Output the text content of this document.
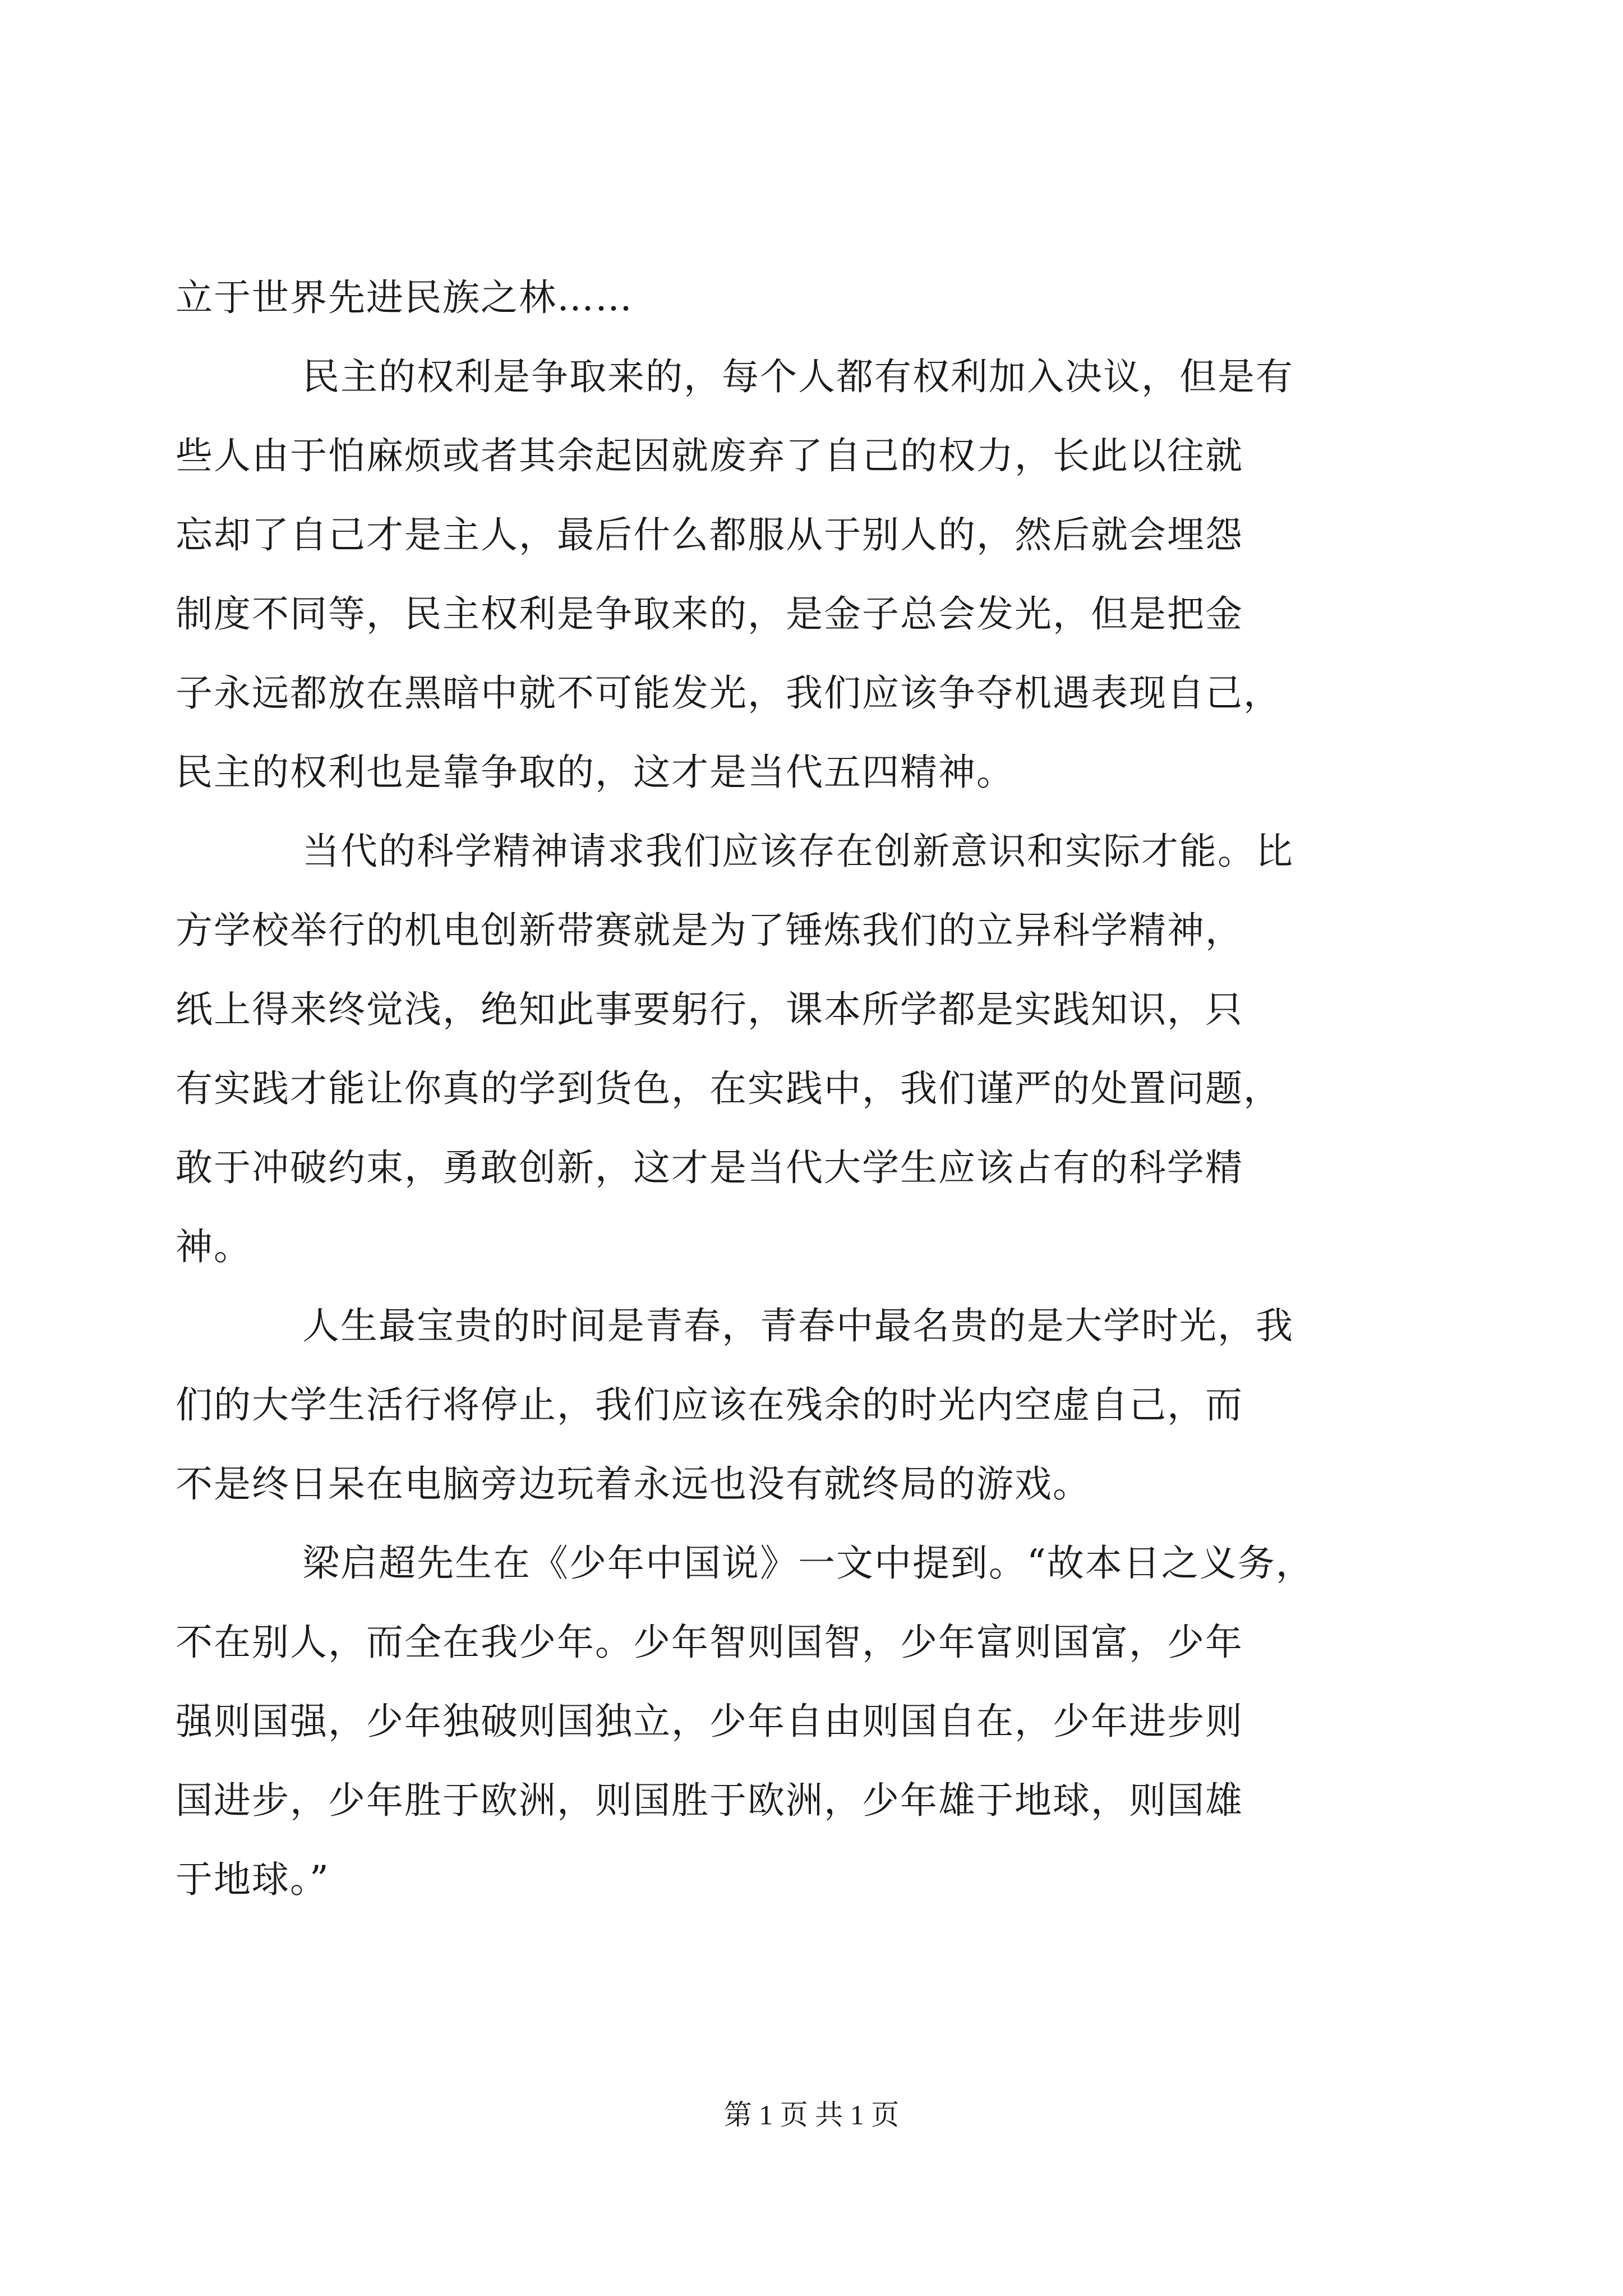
立于世界先进民族之林……
民主的权利是争取来的，每个人都有权利加入决议，但是有
些人由于怕麻烦或者其余起因就废弃了自己的权力，长此以往就
忘却了自己才是主人，最后什么都服从于别人的，然后就会埋怨
制度不同等，民主权利是争取来的，是金子总会发光，但是把金
子永远都放在黑暗中就不可能发光，我们应该争夺机遇表现自己，
民主的权利也是靠争取的，这才是当代五四精神。
当代的科学精神请求我们应该存在创新意识和实际才能。比
方学校举行的机电创新带赛就是为了锤炼我们的立异科学精神，
纸上得来终觉浅，绝知此事要躬行，课本所学都是实践知识，只
有实践才能让你真的学到货色，在实践中，我们谨严的处置问题，
敢于冲破约束，勇敢创新，这才是当代大学生应该占有的科学精
神。
人生最宝贵的时间是青春，青春中最名贵的是大学时光，我
们的大学生活行将停止，我们应该在残余的时光内空虚自己，而
不是终日呆在电脑旁边玩着永远也没有就终局的游戏。
梁启超先生在《少年中国说》一文中提到。“故本日之义务，
不在别人，而全在我少年。少年智则国智，少年富则国富，少年
强则国强，少年独破则国独立，少年自由则国自在，少年进步则
国进步，少年胜于欧洲，则国胜于欧洲，少年雄于地球，则国雄
于地球。”
第 1 页 共 1 页
